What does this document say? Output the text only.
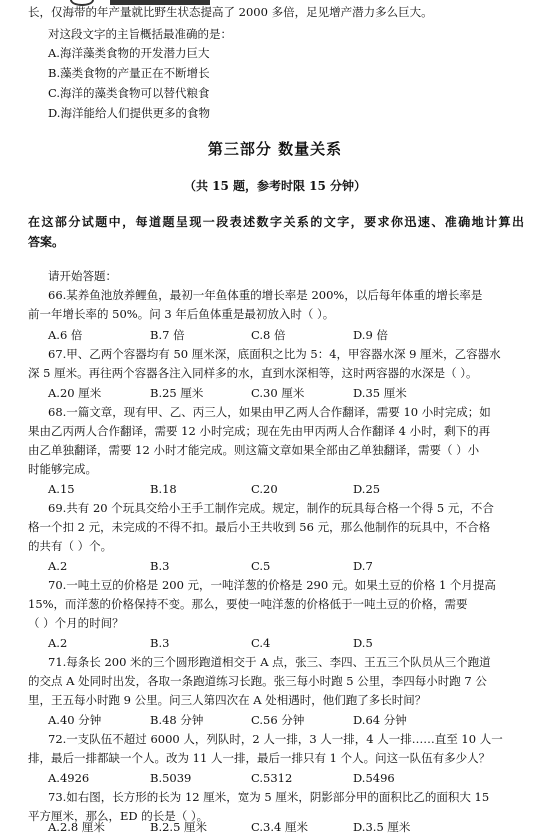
长，仅海带的年产量就比野生状态提高了 2000 多倍，足见增产潜力多么巨大。
对这段文字的主旨概括最准确的是：
A.海洋藻类食物的开发潜力巨大
B.藻类食物的产量正在不断增长
C.海洋的藻类食物可以替代粮食
D.海洋能给人们提供更多的食物
第三部分 数量关系
（共 15 题，参考时限 15 分钟）
在这部分试题中，每道题呈现一段表述数字关系的文字，要求你迅速、准确地计算出
答案。
请开始答题：
66.某养鱼池放养鲤鱼，最初一年鱼体重的增长率是 200%，以后每年体重的增长率是
前一年增长率的 50%。问 3 年后鱼体重是最初放入时（ ）。
A.6 倍	B.7 倍	C.8 倍	D.9 倍
67.甲、乙两个容器均有 50 厘米深，底面积之比为 5：4，甲容器水深 9 厘米，乙容器水
深 5 厘米。再往两个容器各注入同样多的水，直到水深相等，这时两容器的水深是（ ）。
A.20 厘米	B.25 厘米	C.30 厘米	D.35 厘米
68.一篇文章，现有甲、乙、丙三人，如果由甲乙两人合作翻译，需要 10 小时完成；如
果由乙丙两人合作翻译，需要 12 小时完成；现在先由甲丙两人合作翻译 4 小时，剩下的再
由乙单独翻译，需要 12 小时才能完成。则这篇文章如果全部由乙单独翻译，需要（ ）小
时能够完成。
A.15	B.18	C.20	D.25
69.共有 20 个玩具交给小王手工制作完成。规定，制作的玩具每合格一个得 5 元，不合
格一个扣 2 元，未完成的不得不扣。最后小王共收到 56 元，那么他制作的玩具中，不合格
的共有（ ）个。
A.2	B.3	C.5	D.7
70.一吨土豆的价格是 200 元，一吨洋葱的价格是 290 元。如果土豆的价格 1 个月提高
15%，而洋葱的价格保持不变。那么，要使一吨洋葱的价格低于一吨土豆的价格，需要
（ ）个月的时间？
A.2	B.3	C.4	D.5
71.每条长 200 米的三个圆形跑道相交于 A 点，张三、李四、王五三个队员从三个跑道
的交点 A 处同时出发，各取一条跑道练习长跑。张三每小时跑 5 公里，李四每小时跑 7 公
里，王五每小时跑 9 公里。问三人第四次在 A 处相遇时，他们跑了多长时间？
A.40 分钟	B.48 分钟	C.56 分钟	D.64 分钟
72.一支队伍不超过 6000 人，列队时，2 人一排，3 人一排，4 人一排……直至 10 人一
排，最后一排都缺一个人。改为 11 人一排，最后一排只有 1 个人。问这一队伍有多少人？
A.4926	B.5039	C.5312	D.5496
73.如右图，长方形的长为 12 厘米，宽为 5 厘米，阴影部分甲的面积比乙的面积大 15
平方厘米，那么，ED 的长是（ ）。
A.2.8 厘米	B.2.5 厘米	C.3.4 厘米	D.3.5 厘米
